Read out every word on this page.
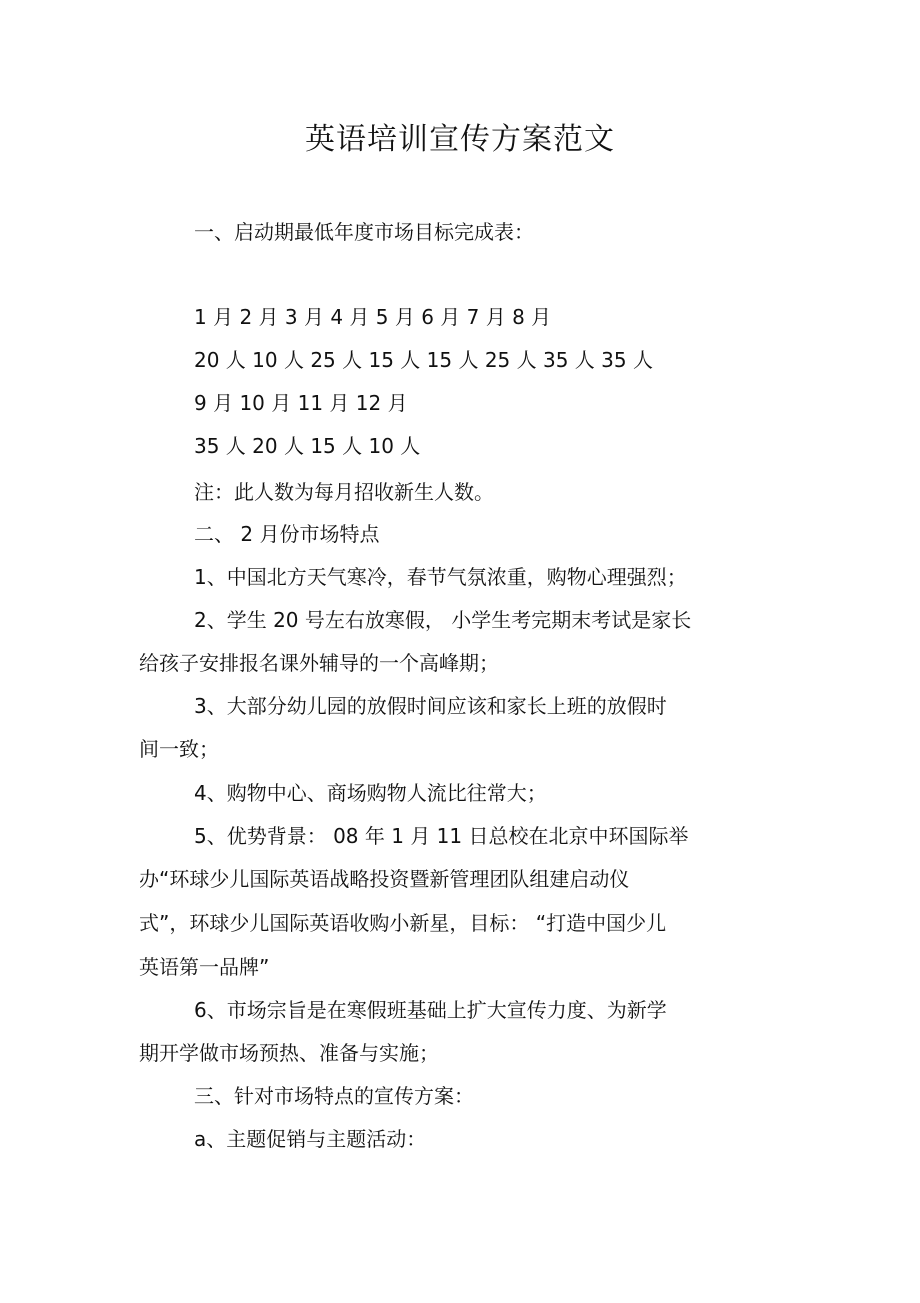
英语培训宣传方案范文
一、启动期最低年度市场目标完成表：
1 月 2 月 3 月 4 月 5 月 6 月 7 月 8 月
20 人 10 人 25 人 15 人 15 人 25 人 35 人 35 人
9 月 10 月 11 月 12 月
35 人 20 人 15 人 10 人
注：此人数为每月招收新生人数。
二、 2 月份市场特点
1、中国北方天气寒冷，春节气氛浓重，购物心理强烈；
2、学生 20 号左右放寒假， 小学生考完期末考试是家长
给孩子安排报名课外辅导的一个高峰期；
3、大部分幼儿园的放假时间应该和家长上班的放假时
间一致；
4、购物中心、商场购物人流比往常大；
5、优势背景： 08 年 1 月 11 日总校在北京中环国际举
办“环球少儿国际英语战略投资暨新管理团队组建启动仪
式”，环球少儿国际英语收购小新星，目标： “打造中国少儿
英语第一品牌”
6、市场宗旨是在寒假班基础上扩大宣传力度、为新学
期开学做市场预热、准备与实施；
三、针对市场特点的宣传方案：
a、主题促销与主题活动：
